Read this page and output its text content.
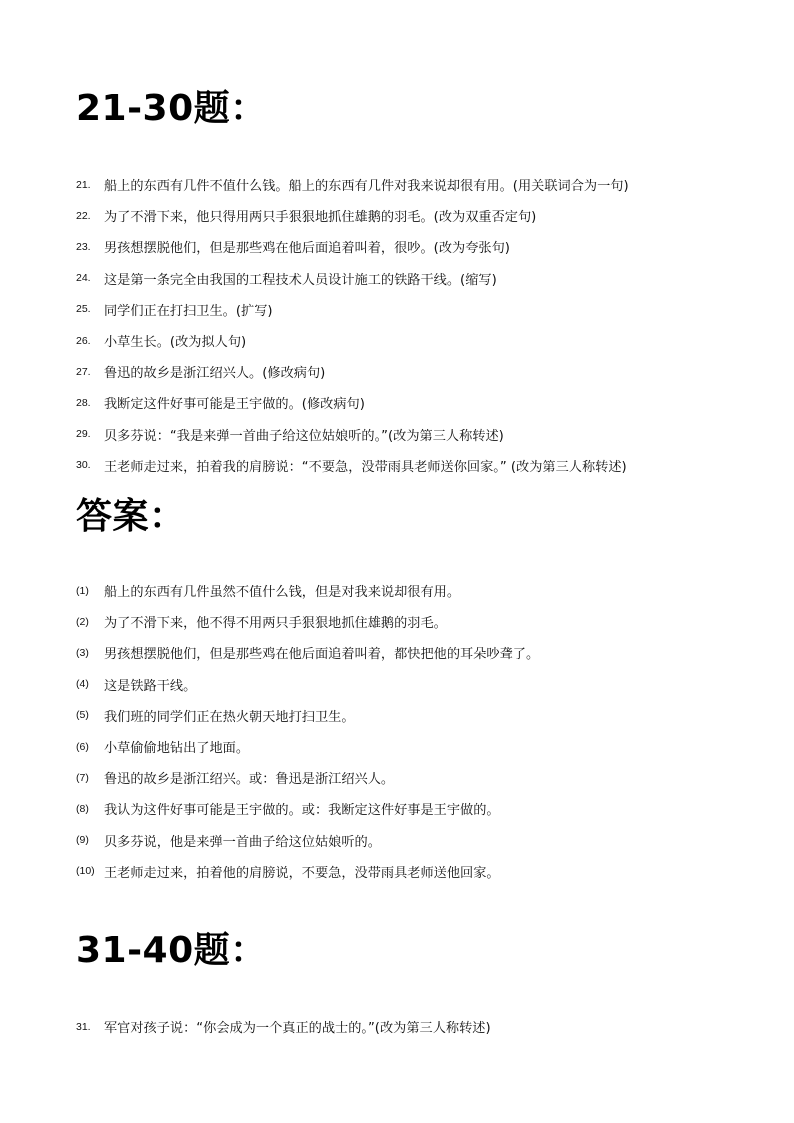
21-30题：
21.	船上的东西有几件不值什么钱。船上的东西有几件对我来说却很有用。(用关联词合为一句)
22.	为了不滑下来，他只得用两只手狠狠地抓住雄鹅的羽毛。(改为双重否定句)
23.	男孩想摆脱他们，但是那些鸡在他后面追着叫着，很吵。(改为夸张句)
24.	这是第一条完全由我国的工程技术人员设计施工的铁路干线。(缩写)
25.	同学们正在打扫卫生。(扩写)
26.	小草生长。(改为拟人句)
27.	鲁迅的故乡是浙江绍兴人。(修改病句)
28.	我断定这件好事可能是王宇做的。(修改病句)
29.	贝多芬说：“我是来弹一首曲子给这位姑娘听的。”(改为第三人称转述)
30.	王老师走过来，拍着我的肩膀说：“不要急，没带雨具老师送你回家。” (改为第三人称转述)
答案：
(1)	船上的东西有几件虽然不值什么钱，但是对我来说却很有用。
(2)	为了不滑下来，他不得不用两只手狠狠地抓住雄鹅的羽毛。
(3)	男孩想摆脱他们，但是那些鸡在他后面追着叫着，都快把他的耳朵吵聋了。
(4)	这是铁路干线。
(5)	我们班的同学们正在热火朝天地打扫卫生。
(6)	小草偷偷地钻出了地面。
(7)	鲁迅的故乡是浙江绍兴。或：鲁迅是浙江绍兴人。
(8)	我认为这件好事可能是王宇做的。或：我断定这件好事是王宇做的。
(9)	贝多芬说，他是来弹一首曲子给这位姑娘听的。
(10) 王老师走过来，拍着他的肩膀说，不要急，没带雨具老师送他回家。
31-40题：
31.	军官对孩子说：“你会成为一个真正的战士的。”(改为第三人称转述)
